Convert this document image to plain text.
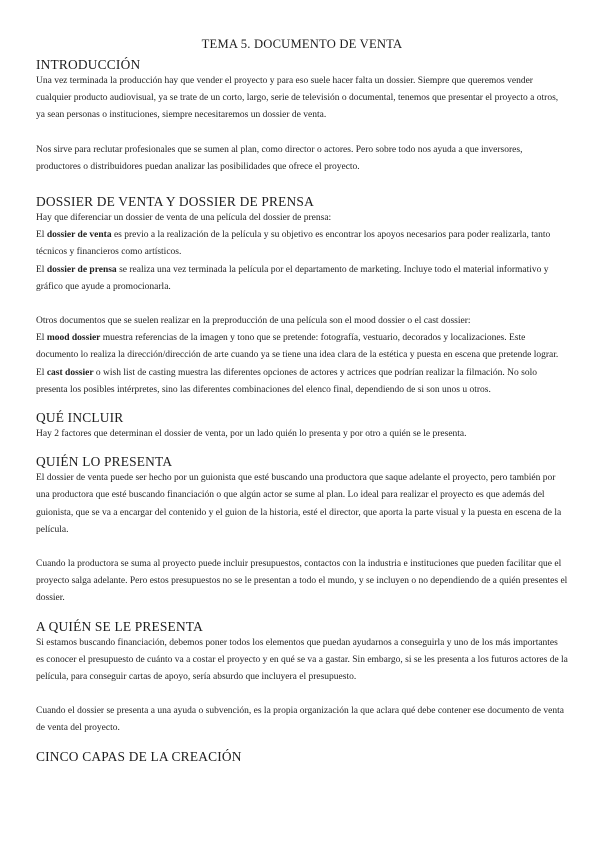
TEMA 5. DOCUMENTO DE VENTA
INTRODUCCIÓN

Una vez terminada la producción hay que vender el proyecto y para eso suele hacer falta un dossier. Siempre que queremos vender cualquier producto audiovisual, ya se trate de un corto, largo, serie de televisión o documental, tenemos que presentar el proyecto a otros, ya sean personas o instituciones, siempre necesitaremos un dossier de venta.

Nos sirve para reclutar profesionales que se sumen al plan, como director o actores. Pero sobre todo nos ayuda a que inversores, productores o distribuidores puedan analizar las posibilidades que ofrece el proyecto.

DOSSIER DE VENTA Y DOSSIER DE PRENSA

Hay que diferenciar un dossier de venta de una película del dossier de prensa:

El dossier de venta es previo a la realización de la película y su objetivo es encontrar los apoyos necesarios para poder realizarla, tanto técnicos y financieros como artísticos.

El dossier de prensa se realiza una vez terminada la película por el departamento de marketing. Incluye todo el material informativo y gráfico que ayude a promocionarla.

Otros documentos que se suelen realizar en la preproducción de una película son el mood dossier o el cast dossier:

El mood dossier muestra referencias de la imagen y tono que se pretende: fotografía, vestuario, decorados y localizaciones. Este documento lo realiza la dirección/dirección de arte cuando ya se tiene una idea clara de la estética y puesta en escena que pretende lograr.

El cast dossier o wish list de casting muestra las diferentes opciones de actores y actrices que podrían realizar la filmación. No solo presenta los posibles intérpretes, sino las diferentes combinaciones del elenco final, dependiendo de si son unos u otros.

QUÉ INCLUIR

Hay 2 factores que determinan el dossier de venta, por un lado quién lo presenta y por otro a quién se le presenta.

QUIÉN LO PRESENTA

El dossier de venta puede ser hecho por un guionista que esté buscando una productora que saque adelante el proyecto, pero también por una productora que esté buscando financiación o que algún actor se sume al plan. Lo ideal para realizar el proyecto es que además del guionista, que se va a encargar del contenido y el guion de la historia, esté el director, que aporta la parte visual y la puesta en escena de la película.

Cuando la productora se suma al proyecto puede incluir presupuestos, contactos con la industria e instituciones que pueden facilitar que el proyecto salga adelante. Pero estos presupuestos no se le presentan a todo el mundo, y se incluyen o no dependiendo de a quién presentes el dossier.

A QUIÉN SE LE PRESENTA

Si estamos buscando financiación, debemos poner todos los elementos que puedan ayudarnos a conseguirla y uno de los más importantes es conocer el presupuesto de cuánto va a costar el proyecto y en qué se va a gastar. Sin embargo, si se les presenta a los futuros actores de la película, para conseguir cartas de apoyo, sería absurdo que incluyera el presupuesto.

Cuando el dossier se presenta a una ayuda o subvención, es la propia organización la que aclara qué debe contener ese documento de venta de venta del proyecto.

CINCO CAPAS DE LA CREACIÓN
